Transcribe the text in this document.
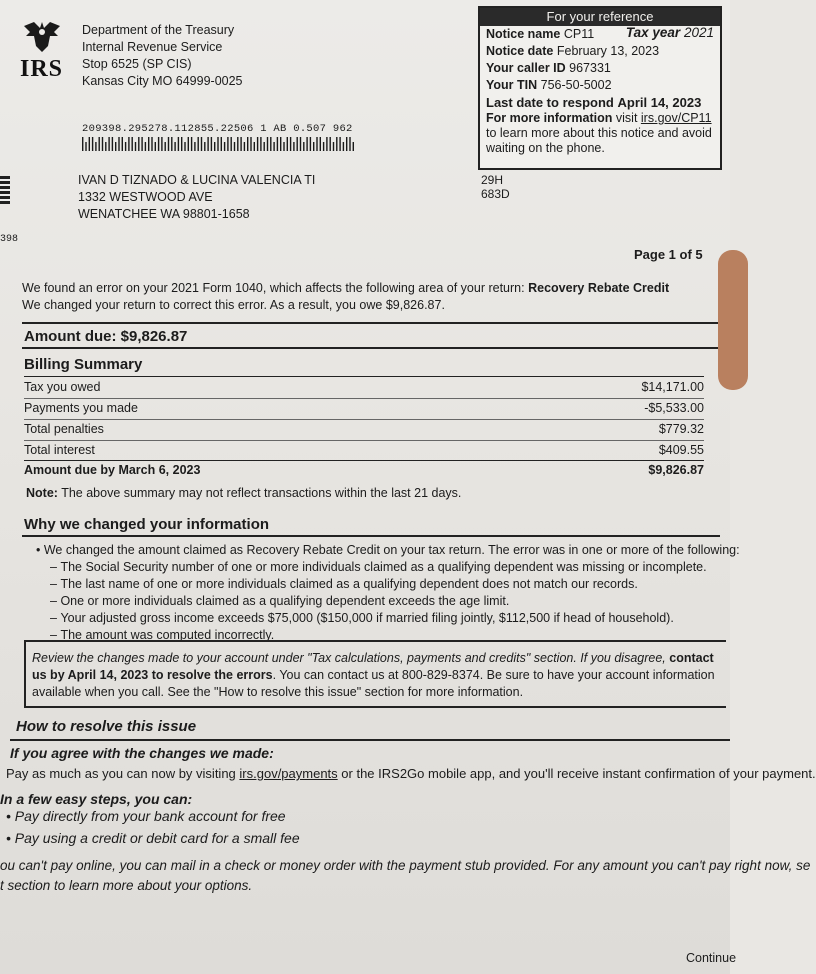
IRS
Department of the Treasury
Internal Revenue Service
Stop 6525 (SP CIS)
Kansas City MO 64999-0025
For your reference
Notice name CP11 Tax year 2021
Notice date February 13, 2023
Your caller ID 967331
Your TIN 756-50-5002
Last date to respond April 14, 2023
For more information visit irs.gov/CP11 to learn more about this notice and avoid waiting on the phone.
209398.295278.112855.22506 1 AB 0.507 962
IVAN D TIZNADO & LUCINA VALENCIA TI
1332 WESTWOOD AVE
WENATCHEE WA 98801-1658
29H
683D
398
Page 1 of 5
We found an error on your 2021 Form 1040, which affects the following area of your return: Recovery Rebate Credit
We changed your return to correct this error. As a result, you owe $9,826.87.
Amount due: $9,826.87
Billing Summary
Tax you owed	$14,171.00
Payments you made	-$5,533.00
Total penalties	$779.32
Total interest	$409.55
Amount due by March 6, 2023	$9,826.87
Note: The above summary may not reflect transactions within the last 21 days.
Why we changed your information
• We changed the amount claimed as Recovery Rebate Credit on your tax return. The error was in one or more of the following:
– The Social Security number of one or more individuals claimed as a qualifying dependent was missing or incomplete.
– The last name of one or more individuals claimed as a qualifying dependent does not match our records.
– One or more individuals claimed as a qualifying dependent exceeds the age limit.
– Your adjusted gross income exceeds $75,000 ($150,000 if married filing jointly, $112,500 if head of household).
– The amount was computed incorrectly.
Review the changes made to your account under "Tax calculations, payments and credits" section. If you disagree, contact us by April 14, 2023 to resolve the errors. You can contact us at 800-829-8374. Be sure to have your account information available when you call. See the "How to resolve this issue" section for more information.
How to resolve this issue
If you agree with the changes we made:
Pay as much as you can now by visiting irs.gov/payments or the IRS2Go mobile app, and you'll receive instant confirmation of your payment.
In a few easy steps, you can:
• Pay directly from your bank account for free
• Pay using a credit or debit card for a small fee
ou can't pay online, you can mail in a check or money order with the payment stub provided. For any amount you can't pay right now, se
t section to learn more about your options.
Continue
